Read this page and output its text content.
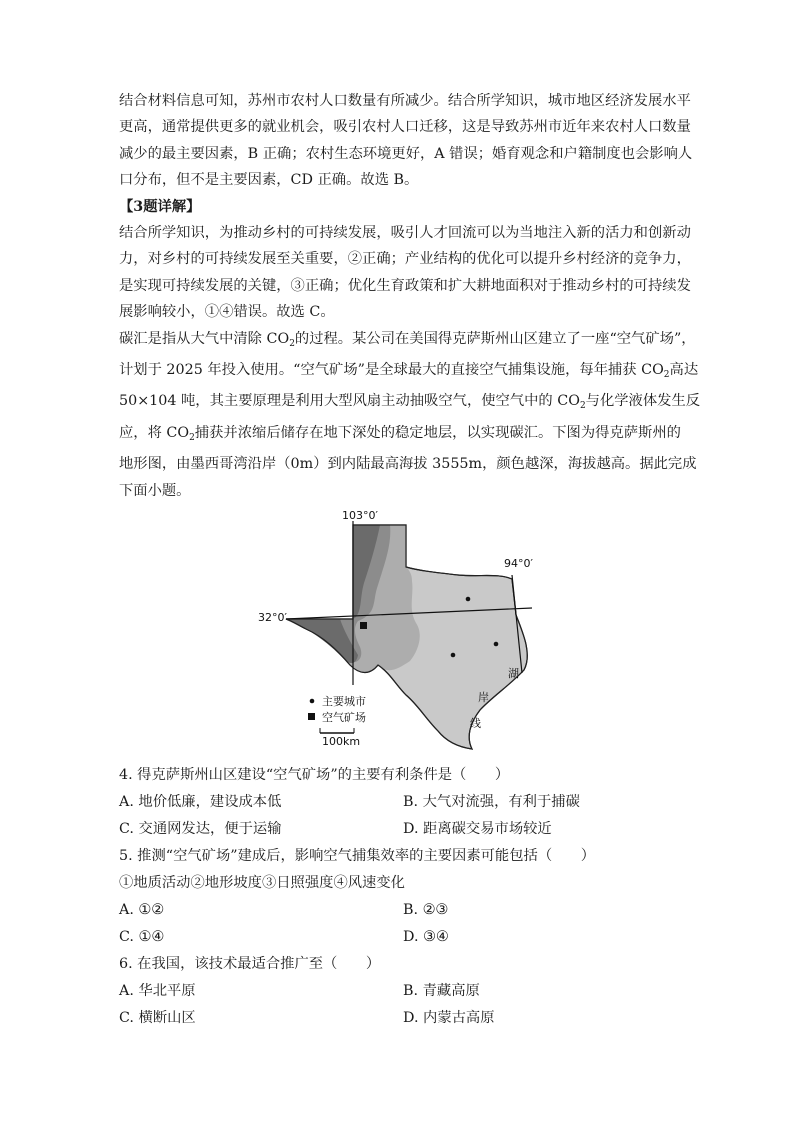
结合材料信息可知，苏州市农村人口数量有所减少。结合所学知识，城市地区经济发展水平
更高，通常提供更多的就业机会，吸引农村人口迁移，这是导致苏州市近年来农村人口数量
减少的最主要因素，B 正确；农村生态环境更好，A 错误；婚育观念和户籍制度也会影响人
口分布，但不是主要因素，CD 正确。故选 B。

【3题详解】

结合所学知识，为推动乡村的可持续发展，吸引人才回流可以为当地注入新的活力和创新动
力，对乡村的可持续发展至关重要，②正确；产业结构的优化可以提升乡村经济的竞争力，
是实现可持续发展的关键，③正确；优化生育政策和扩大耕地面积对于推动乡村的可持续发
展影响较小，①④错误。故选 C。

碳汇是指从大气中清除 $CO_2$的过程。某公司在美国得克萨斯州山区建立了一座“空气矿场”，
计划于 2025 年投入使用。“空气矿场”是全球最大的直接空气捕集设施，每年捕获 $CO_2$高达
50×104 吨，其主要原理是利用大型风扇主动抽吸空气，使空气中的 $CO_2$与化学液体发生反
应，将 $CO_2$捕获并浓缩后储存在地下深处的稳定地层，以实现碳汇。下图为得克萨斯州的
地形图，由墨西哥湾沿岸（0m）到内陆最高海拔 3555m，颜色越深，海拔越高。据此完成
下面小题。

湖
岸
线
103°0′
94°0′
32°0′
主要城市
空气矿场
100km

4. 得克萨斯州山区建设“空气矿场”的主要有利条件是（　　）

A. 地价低廉，建设成本低	B. 大气对流强，有利于捕碳
C. 交通网发达，便于运输	D. 距离碳交易市场较近

5. 推测“空气矿场”建成后，影响空气捕集效率的主要因素可能包括（　　）

①地质活动②地形坡度③日照强度④风速变化

A. ①②	B. ②③
C. ①④	D. ③④

6. 在我国，该技术最适合推广至（　　）

A. 华北平原	B. 青藏高原
C. 横断山区	D. 内蒙古高原
